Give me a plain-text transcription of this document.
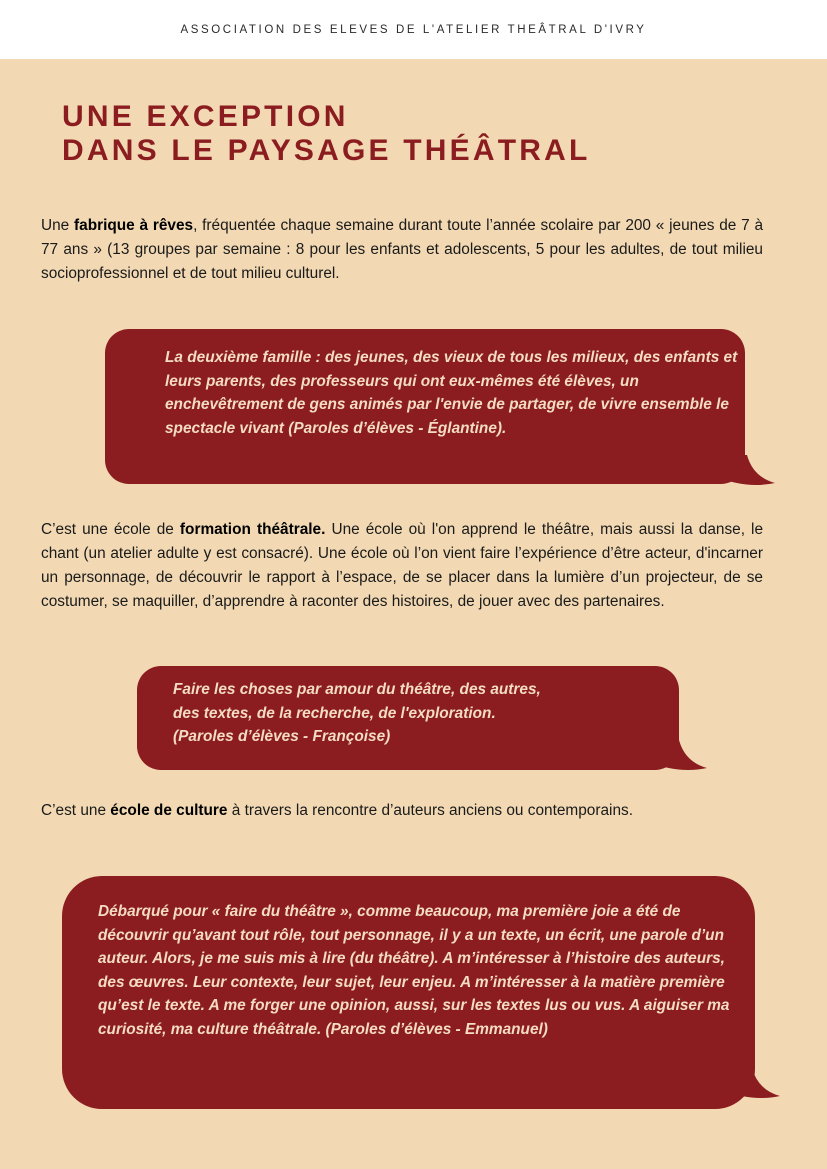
ASSOCIATION DES ELEVES DE L'ATELIER THEÂTRAL D'IVRY
UNE EXCEPTION
DANS LE PAYSAGE THÉÂTRAL

Une fabrique à rêves, fréquentée chaque semaine durant toute l’année scolaire par 200 « jeunes de 7 à 77 ans » (13 groupes par semaine : 8 pour les enfants et adolescents, 5 pour les adultes, de tout milieu socioprofessionnel et de tout milieu culturel.

La deuxième famille : des jeunes, des vieux de tous les milieux, des enfants et leurs parents, des professeurs qui ont eux-mêmes été élèves, un enchevêtrement de gens animés par l'envie de partager, de vivre ensemble le spectacle vivant (Paroles d’élèves - Églantine).

C’est une école de formation théâtrale. Une école où l'on apprend le théâtre, mais aussi la danse, le chant (un atelier adulte y est consacré). Une école où l’on vient faire l’expérience d’être acteur, d'incarner un personnage, de découvrir le rapport à l’espace, de se placer dans la lumière d’un projecteur, de se costumer, se maquiller, d’apprendre à raconter des histoires, de jouer avec des partenaires.

Faire les choses par amour du théâtre, des autres,
des textes, de la recherche, de l'exploration.
(Paroles d’élèves - Françoise)

C’est une école de culture à travers la rencontre d’auteurs anciens ou contemporains.

Débarqué pour « faire du théâtre », comme beaucoup, ma première joie a été de découvrir qu’avant tout rôle, tout personnage, il y a un texte, un écrit, une parole d’un auteur. Alors, je me suis mis à lire (du théâtre). A m’intéresser à l’histoire des auteurs, des œuvres. Leur contexte, leur sujet, leur enjeu. A m’intéresser à la matière première qu’est le texte. A me forger une opinion, aussi, sur les textes lus ou vus. A aiguiser ma curiosité, ma culture théâtrale. (Paroles d’élèves - Emmanuel)
